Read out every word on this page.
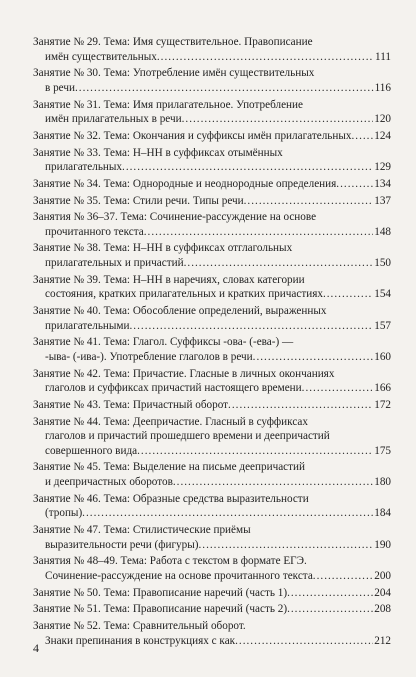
Занятие № 29. Тема: Имя существительное. Правописание
имён существительных .....	111
Занятие № 30. Тема: Употребление имён существительных
в речи .....	116
Занятие № 31. Тема: Имя прилагательное. Употребление
имён прилагательных в речи .....	120
Занятие № 32. Тема: Окончания и суффиксы имён прилагательных ..... 124
Занятие № 33. Тема: Н–НН в суффиксах отымённых
прилагательных .....	129
Занятие № 34. Тема: Однородные и неоднородные определения .....	134
Занятие № 35. Тема: Стили речи. Типы речи .....	137
Занятия № 36–37. Тема: Сочинение-рассуждение на основе
прочитанного текста .....	148
Занятие № 38. Тема: Н–НН в суффиксах отглагольных
прилагательных и причастий .....	150
Занятие № 39. Тема: Н–НН в наречиях, словах категории
состояния, кратких прилагательных и кратких причастиях .....	154
Занятие № 40. Тема: Обособление определений, выраженных
прилагательными .....	157
Занятие № 41. Тема: Глагол. Суффиксы -ова- (-ева-) —
-ыва- (-ива-). Употребление глаголов в речи .....	160
Занятие № 42. Тема: Причастие. Гласные в личных окончаниях
глаголов и суффиксах причастий настоящего времени .....	166
Занятие № 43. Тема: Причастный оборот .....	172
Занятие № 44. Тема: Деепричастие. Гласный в суффиксах
глаголов и причастий прошедшего времени и деепричастий
совершенного вида .....	175
Занятие № 45. Тема: Выделение на письме деепричастий
и деепричастных оборотов .....	180
Занятие № 46. Тема: Образные средства выразительности
(тропы) .....	184
Занятие № 47. Тема: Стилистические приёмы
выразительности речи (фигуры) .....	190
Занятия № 48–49. Тема: Работа с текстом в формате ЕГЭ.
Сочинение-рассуждение на основе прочитанного текста .....	200
Занятие № 50. Тема: Правописание наречий (часть 1) .....	204
Занятие № 51. Тема: Правописание наречий (часть 2) .....	208
Занятие № 52. Тема: Сравнительный оборот.
Знаки препинания в конструкциях с как .....	212
4
